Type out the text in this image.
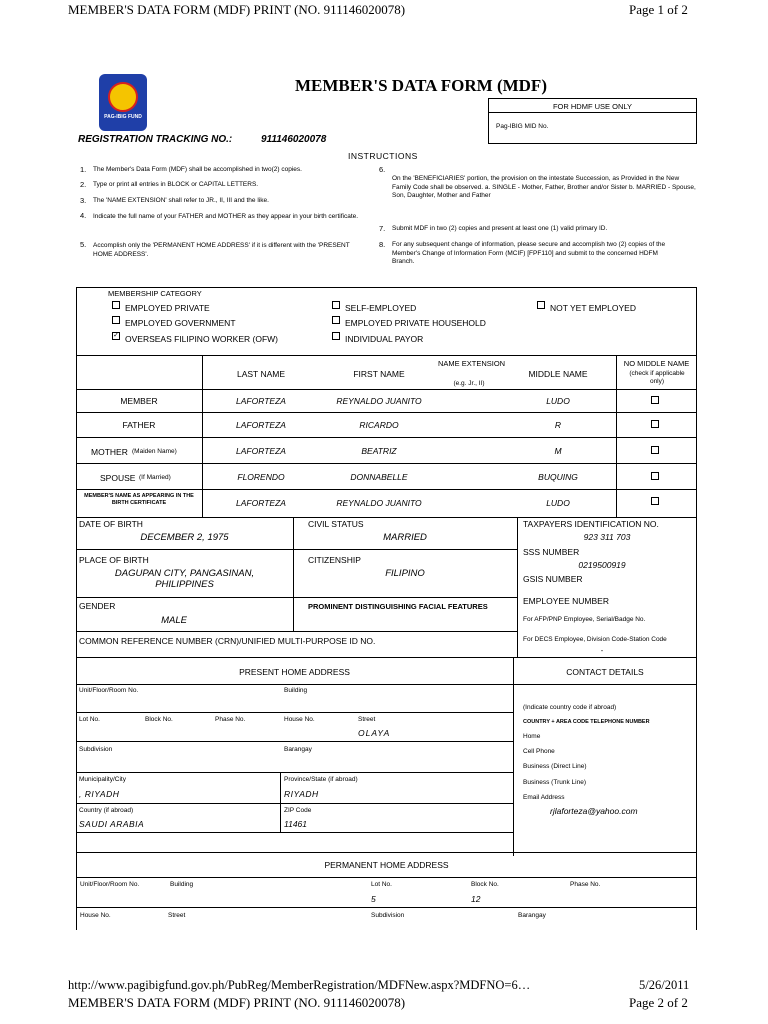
MEMBER'S DATA FORM (MDF) PRINT (NO. 911146020078)	Page 1 of 2
PAG-IBIG FUND
MEMBER'S DATA FORM (MDF)
FOR HDMF USE ONLY
Pag-IBIG MID No.
REGISTRATION TRACKING NO.:	911146020078
INSTRUCTIONS
1. The Member's Data Form (MDF) shall be accomplished in two(2) copies.
2. Type or print all entries in BLOCK or CAPITAL LETTERS.
3. The 'NAME EXTENSION' shall refer to JR., II, III and the like.
4. Indicate the full name of your FATHER and MOTHER as they appear in your birth certificate.
5. Accomplish only the 'PERMANENT HOME ADDRESS' if it is different with the 'PRESENT HOME ADDRESS'.
6.
On the 'BENEFICIARIES' portion, the provision on the intestate Succession, as Provided in the New Family Code shall be observed. a. SINGLE - Mother, Father, Brother and/or Sister b. MARRIED - Spouse, Son, Daughter, Mother and Father
7. Submit MDF in two (2) copies and present at least one (1) valid primary ID.
8. For any subsequent change of information, please secure and accomplish two (2) copies of the Member's Change of Information Form (MCIF) [FPF110] and submit to the concerned HDFM Branch.
MEMBERSHIP CATEGORY
EMPLOYED PRIVATE
EMPLOYED GOVERNMENT
✓ OVERSEAS FILIPINO WORKER (OFW)
SELF-EMPLOYED
EMPLOYED PRIVATE HOUSEHOLD
INDIVIDUAL PAYOR
NOT YET EMPLOYED
LAST NAME	FIRST NAME
NAME EXTENSION
(e.g. Jr., II)
MIDDLE NAME
NO MIDDLE NAME
(check if applicable only)
MEMBER	LAFORTEZA	REYNALDO JUANITO	LUDO
FATHER	LAFORTEZA	RICARDO	R
MOTHER (Maiden Name)	LAFORTEZA	BEATRIZ	M
SPOUSE (If Married)	FLORENDO	DONNABELLE	BUQUING
MEMBER'S NAME AS APPEARING IN THE BIRTH CERTIFICATE	LAFORTEZA	REYNALDO JUANITO	LUDO
DATE OF BIRTH
DECEMBER 2, 1975
CIVIL STATUS
MARRIED
PLACE OF BIRTH
DAGUPAN CITY, PANGASINAN,
PHILIPPINES
CITIZENSHIP
FILIPINO
GENDER
MALE
PROMINENT DISTINGUISHING FACIAL FEATURES
COMMON REFERENCE NUMBER (CRN)/UNIFIED MULTI-PURPOSE ID NO.
TAXPAYERS IDENTIFICATION NO.
923 311 703
SSS NUMBER
0219500919
GSIS NUMBER
EMPLOYEE NUMBER
For AFP/PNP Employee, Serial/Badge No.
For DECS Employee, Division Code-Station Code
-
PRESENT HOME ADDRESS	CONTACT DETAILS
Unit/Floor/Room No.	Building
Lot No.	Block No.	Phase No.	House No.	Street
OLAYA
Subdivision	Barangay
Municipality/City
, RIYADH
Province/State (if abroad)
RIYADH
Country (if abroad)
SAUDI ARABIA
ZIP Code
11461
(Indicate country code if abroad)
COUNTRY + AREA CODE TELEPHONE NUMBER
Home
Cell Phone
Business (Direct Line)
Business (Trunk Line)
Email Address
rjlaforteza@yahoo.com
PERMANENT HOME ADDRESS
Unit/Floor/Room No.	Building	Lot No.
5
Block No.
12
Phase No.
House No.	Street	Subdivision	Barangay
http://www.pagibigfund.gov.ph/PubReg/MemberRegistration/MDFNew.aspx?MDFNO=6…	5/26/2011
MEMBER'S DATA FORM (MDF) PRINT (NO. 911146020078)	Page 2 of 2
